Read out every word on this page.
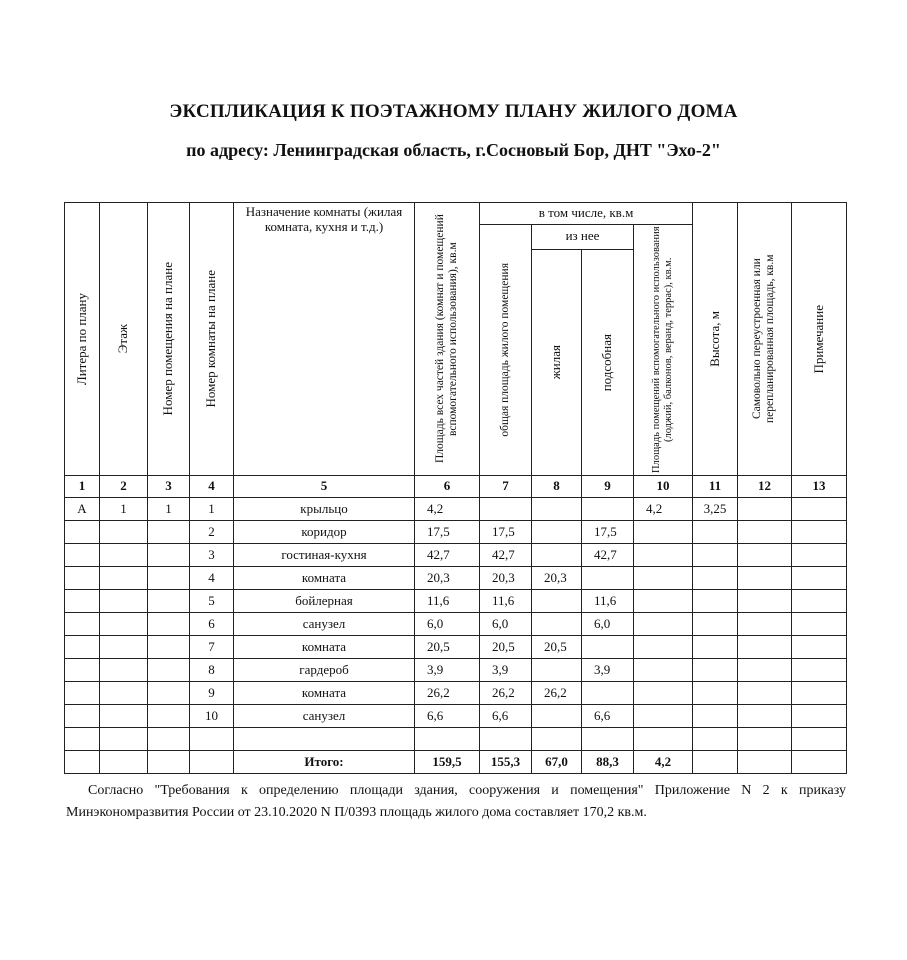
ЭКСПЛИКАЦИЯ К ПОЭТАЖНОМУ ПЛАНУ ЖИЛОГО ДОМА
по адресу: Ленинградская область, г.Сосновый Бор, ДНТ "Эхо-2"
Литера по плану	Этаж	Номер помещения на плане	Номер комнаты на плане	Назначение комнаты (жилая комната, кухня и т.д.)	Площадь всех частей здания (комнат и помещений вспомогательного использования), кв.м	в том числе, кв.м				Высота, м	Самовольно переустроенная или перепланированная площадь, кв.м	Примечание

						общая площадь жилого помещения	из нее		Площадь помещений вспомогательного использования (лоджий, балконов, веранд, террас), кв.м.			

							жилая	подсобная				

1	2	3	4	5	6	7	8	9	10	11	12	13
А	1	1	1	крыльцо	4,2				4,2	3,25		
			2	коридор	17,5	17,5		17,5				
			3	гостиная-кухня	42,7	42,7		42,7				
			4	комната	20,3	20,3	20,3					
			5	бойлерная	11,6	11,6		11,6				
			6	санузел	6,0	6,0		6,0				
			7	комната	20,5	20,5	20,5					
			8	гардероб	3,9	3,9		3,9				
			9	комната	26,2	26,2	26,2					
			10	санузел	6,6	6,6		6,6				

				Итого:	159,5	155,3	67,0	88,3	4,2			
Согласно "Требования к определению площади здания, сооружения и помещения" Приложение N 2 к приказу Минэкономразвития России от 23.10.2020 N П/0393 площадь жилого дома составляет 170,2 кв.м.
